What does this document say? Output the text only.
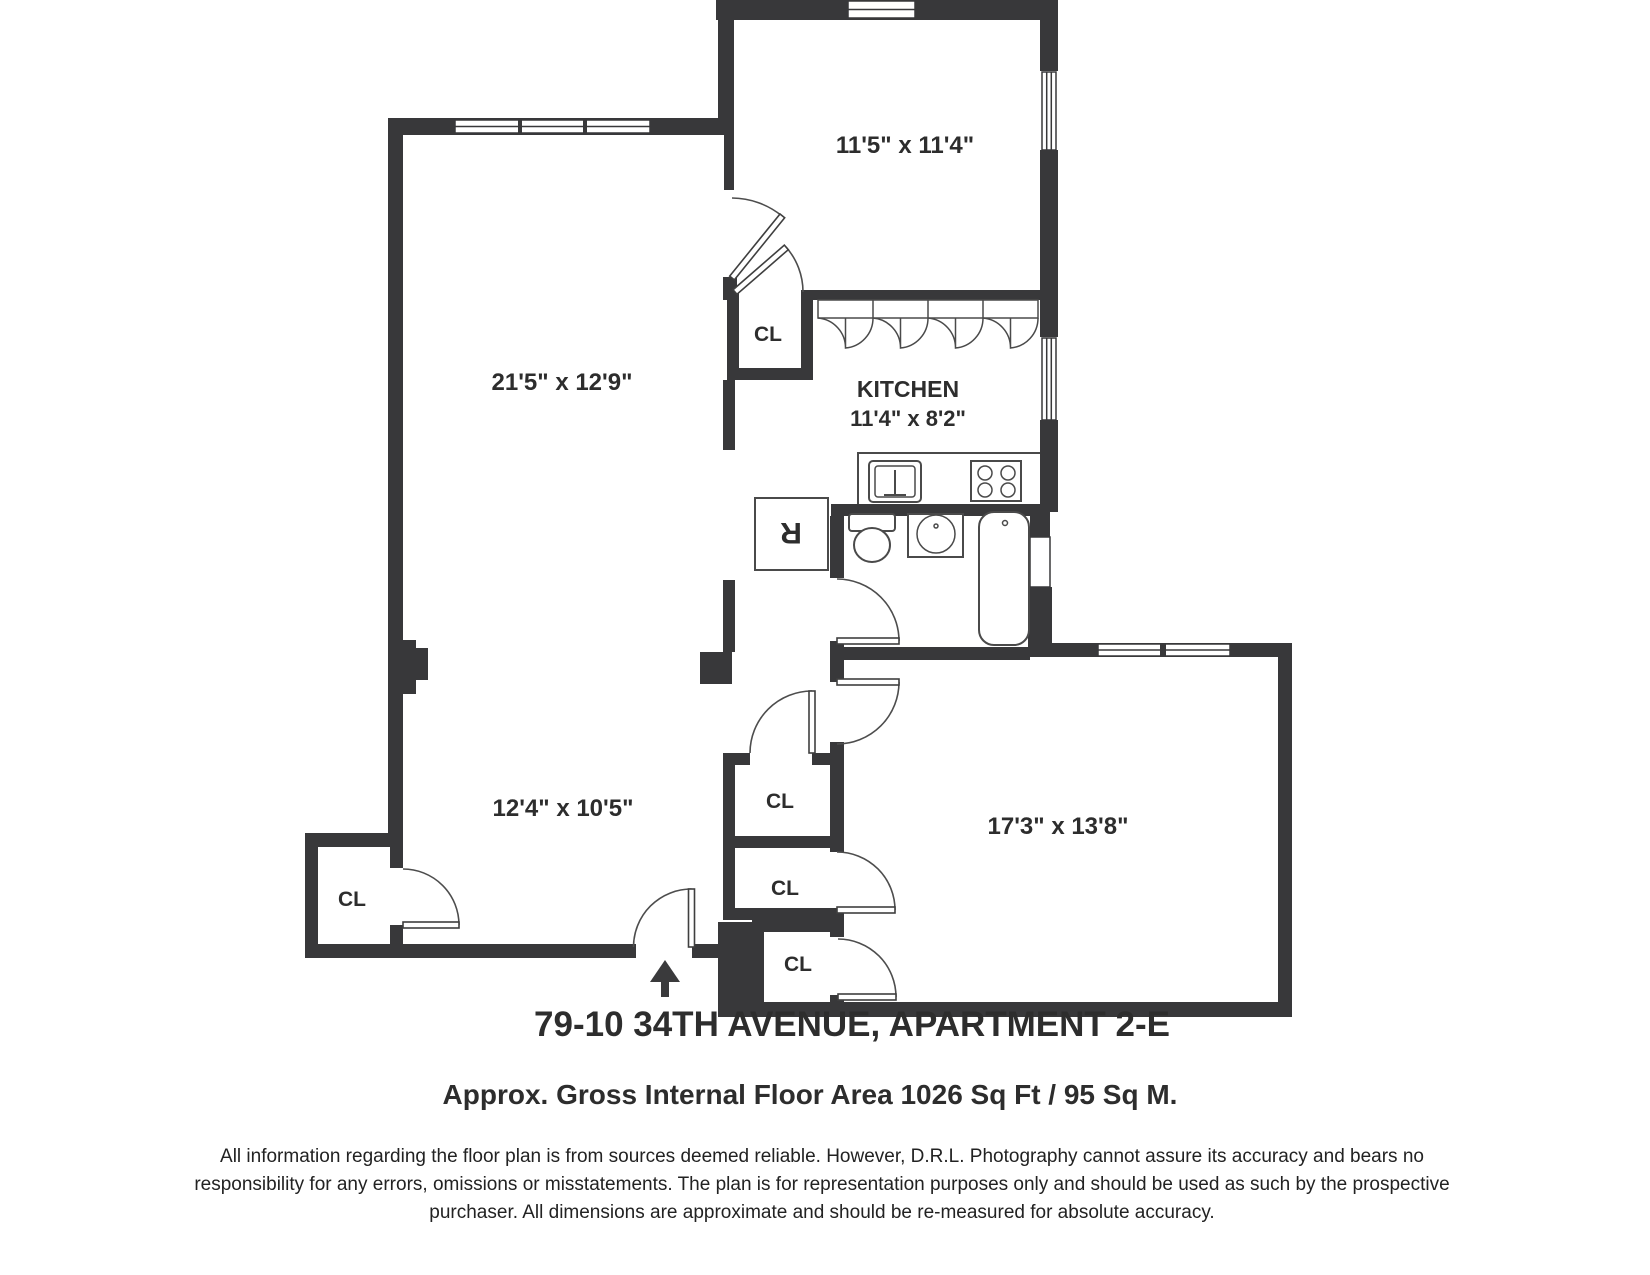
R
11'5" x 11'4"
21'5" x 12'9"	KITCHEN
11'4" x 8'2"
12'4" x 10'5"
17'3" x 13'8"
CL
CL
CL
CL
CL
79-10 34TH AVENUE, APARTMENT 2-E
Approx. Gross Internal Floor Area 1026 Sq Ft / 95 Sq M.
All information regarding the floor plan is from sources deemed reliable. However, D.R.L. Photography cannot assure its accuracy and bears no
responsibility for any errors, omissions or misstatements. The plan is for representation purposes only and should be used as such by the prospective
purchaser. All dimensions are approximate and should be re-measured for absolute accuracy.
